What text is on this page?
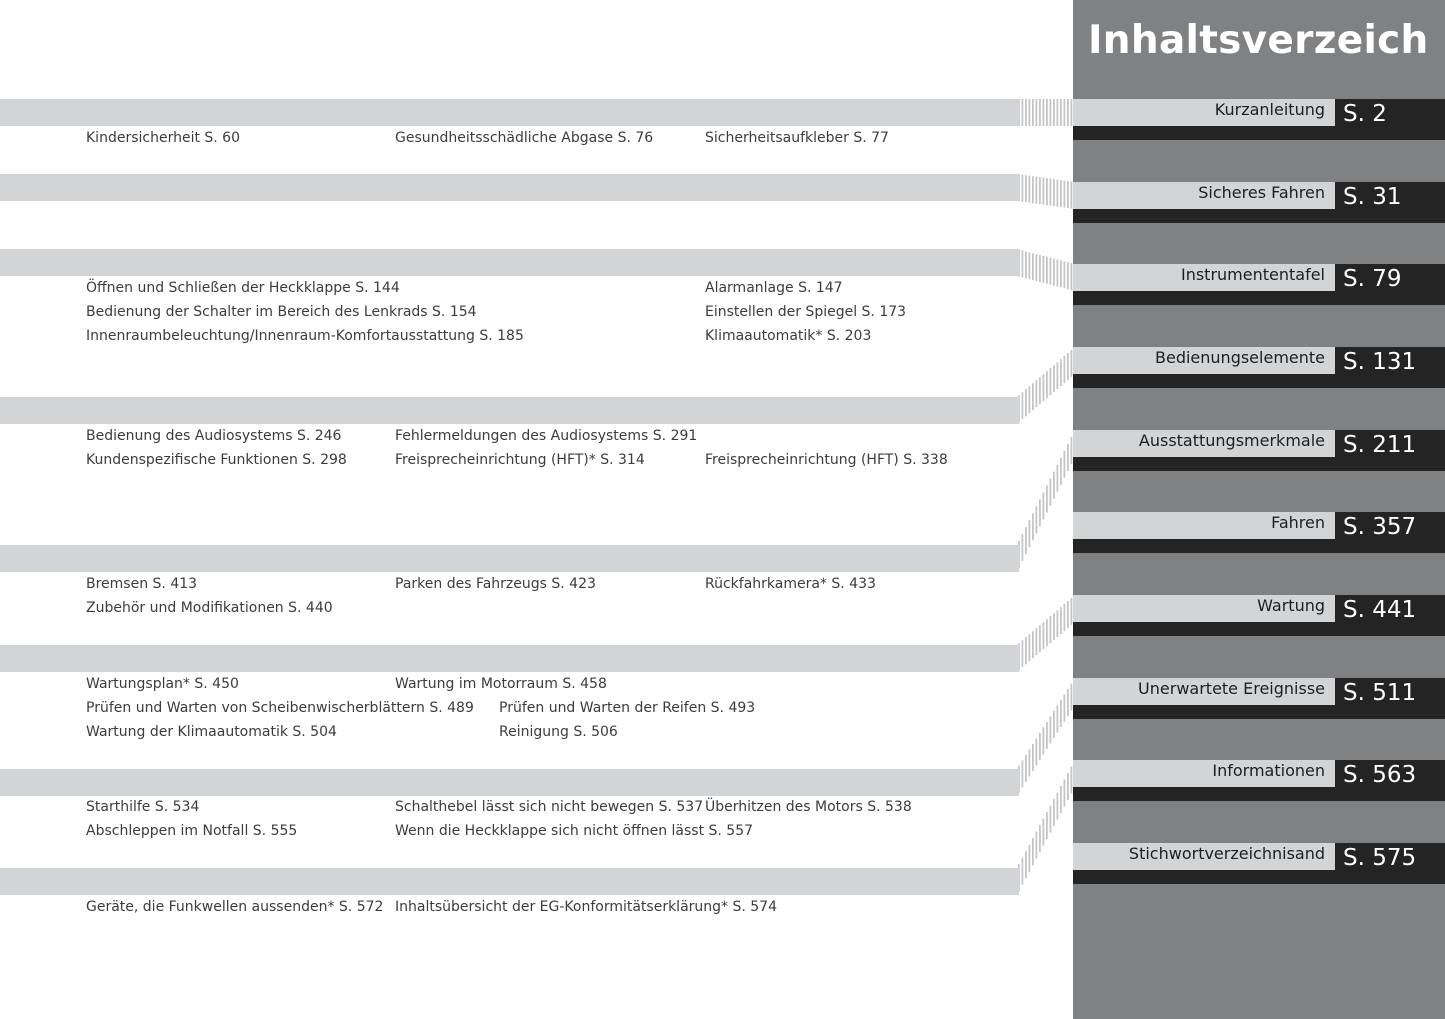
Inhaltsverzeich
Kurzanleitung S. 2
Sicheres Fahren S. 31
Instrumententafel S. 79
Bedienungselemente S. 131
Ausstattungsmerkmale S. 211
Fahren S. 357
Wartung S. 441
Unerwartete Ereignisse S. 511
Informationen S. 563
Stichwortverzeichnisand S. 575
Kindersicherheit S. 60	Gesundheitsschädliche Abgase S. 76	Sicherheitsaufkleber S. 77
Öffnen und Schließen der Heckklappe S. 144	Alarmanlage S. 147
Bedienung der Schalter im Bereich des Lenkrads S. 154	Einstellen der Spiegel S. 173
Innenraumbeleuchtung/Innenraum-Komfortausstattung S. 185	Klimaautomatik* S. 203
Bedienung des Audiosystems S. 246	Fehlermeldungen des Audiosystems S. 291
Kundenspezifische Funktionen S. 298	Freisprecheinrichtung (HFT)* S. 314	Freisprecheinrichtung (HFT) S. 338
Bremsen S. 413	Parken des Fahrzeugs S. 423	Rückfahrkamera* S. 433
Zubehör und Modifikationen S. 440
Wartungsplan* S. 450	Wartung im Motorraum S. 458
Prüfen und Warten von Scheibenwischerblättern S. 489 Prüfen und Warten der Reifen S. 493
Wartung der Klimaautomatik S. 504	Reinigung S. 506
Starthilfe S. 534	Schalthebel lässt sich nicht bewegen S. 537 Überhitzen des Motors S. 538
Abschleppen im Notfall S. 555	Wenn die Heckklappe sich nicht öffnen lässt S. 557
Geräte, die Funkwellen aussenden* S. 572 Inhaltsübersicht der EG-Konformitätserklärung* S. 574
